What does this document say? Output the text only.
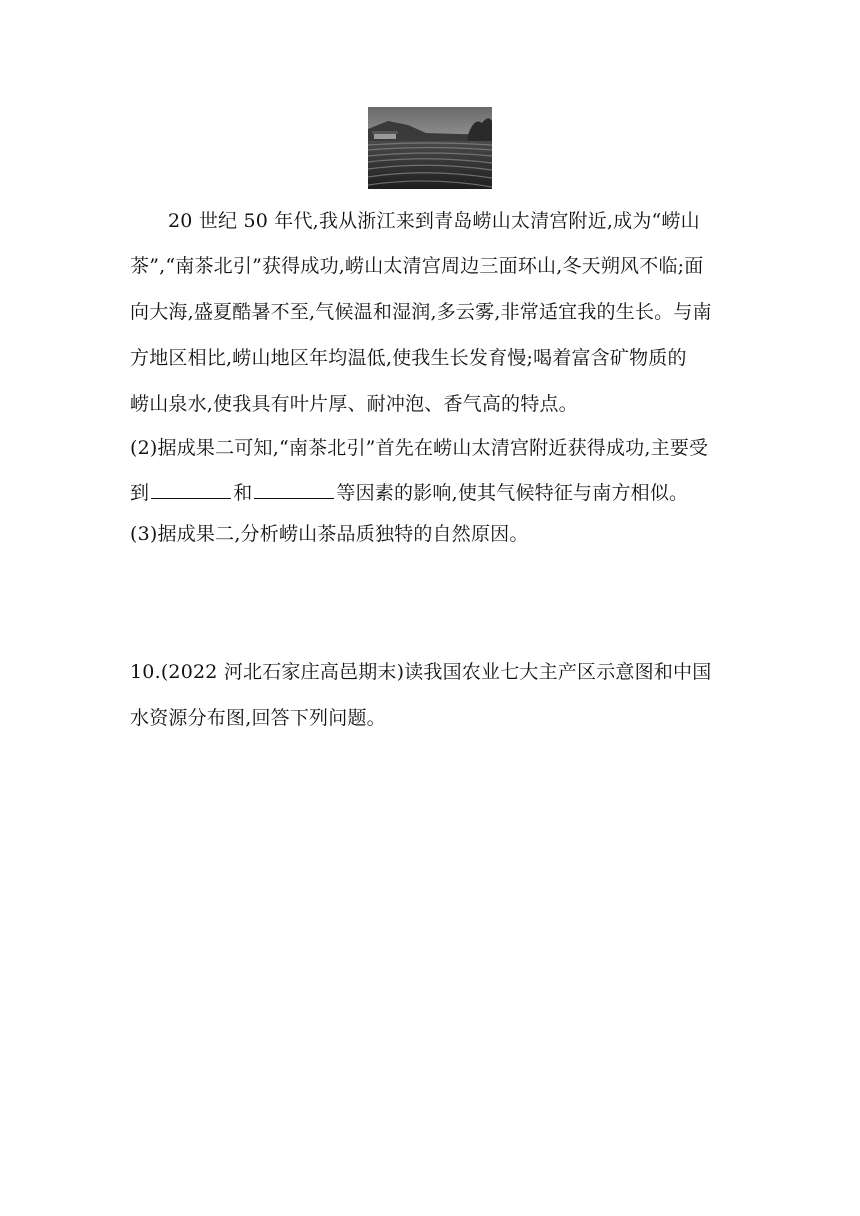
20 世纪 50 年代,我从浙江来到青岛崂山太清宫附近,成为“崂山
茶”,“南茶北引”获得成功,崂山太清宫周边三面环山,冬天朔风不临;面
向大海,盛夏酷暑不至,气候温和湿润,多云雾,非常适宜我的生长。与南
方地区相比,崂山地区年均温低,使我生长发育慢;喝着富含矿物质的
崂山泉水,使我具有叶片厚、耐冲泡、香气高的特点。
(2)据成果二可知,“南茶北引”首先在崂山太清宫附近获得成功,主要受
到	和	等因素的影响,使其气候特征与南方相似。
(3)据成果二,分析崂山茶品质独特的自然原因。
10.(2022 河北石家庄高邑期末)读我国农业七大主产区示意图和中国
水资源分布图,回答下列问题。
